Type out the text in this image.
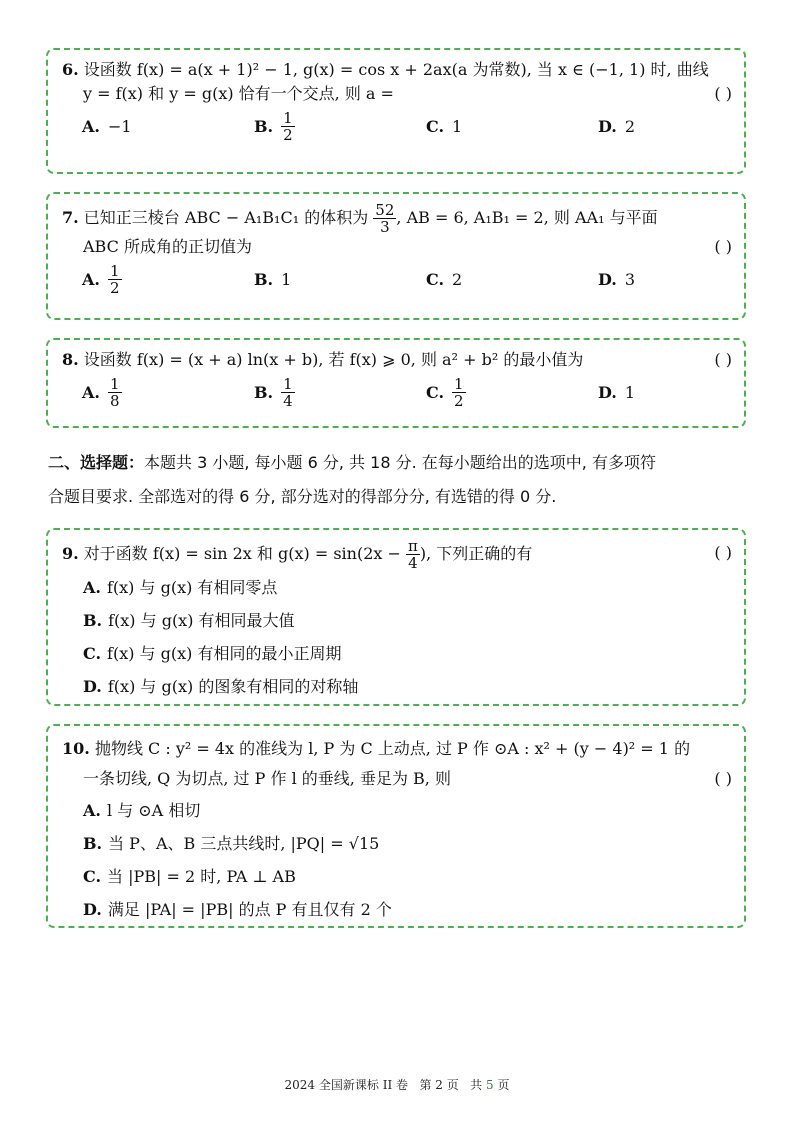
6. 设函数 f(x) = a(x + 1)² − 1, g(x) = cos x + 2ax(a 为常数), 当 x ∈ (−1, 1) 时, 曲线
y = f(x) 和 y = g(x) 恰有一个交点, 则 a =	( )
A. −1	B. $\frac{1}{2}$	C. 1	D. 2
7. 已知正三棱台 ABC − A₁B₁C₁ 的体积为 $\frac{52}{3}$ , AB = 6, A₁B₁ = 2, 则 AA₁ 与平面
ABC 所成角的正切值为	( )
A. $\frac{1}{2}$	B. 1	C. 2	D. 3
8. 设函数 f(x) = (x + a) ln(x + b), 若 f(x) ⩾ 0, 则 a² + b² 的最小值为	( )
A. $\frac{1}{8}$	B. $\frac{1}{4}$	C. $\frac{1}{2}$	D. 1
二、选择题：本题共 3 小题, 每小题 6 分, 共 18 分. 在每小题给出的选项中, 有多项符
合题目要求. 全部选对的得 6 分, 部分选对的得部分分, 有选错的得 0 分.
9. 对于函数 f(x) = sin 2x 和 $g(x) = \sin(2x - \frac{\pi}{4}$ ), 下列正确的有	( )
A. f(x) 与 g(x) 有相同零点
B. f(x) 与 g(x) 有相同最大值
C. f(x) 与 g(x) 有相同的最小正周期
D. f(x) 与 g(x) 的图象有相同的对称轴
10. 抛物线 C : y² = 4x 的准线为 l, P 为 C 上动点, 过 P 作 ⊙A : x² + (y − 4)² = 1 的
一条切线, Q 为切点, 过 P 作 l 的垂线, 垂足为 B, 则	( )
A. l 与 ⊙A 相切
B. 当 P、A、B 三点共线时, |PQ| = √15
C. 当 |PB| = 2 时, PA ⊥ AB
D. 满足 |PA| = |PB| 的点 P 有且仅有 2 个
2024 全国新课标 II 卷 第 2 页 共 5 页
